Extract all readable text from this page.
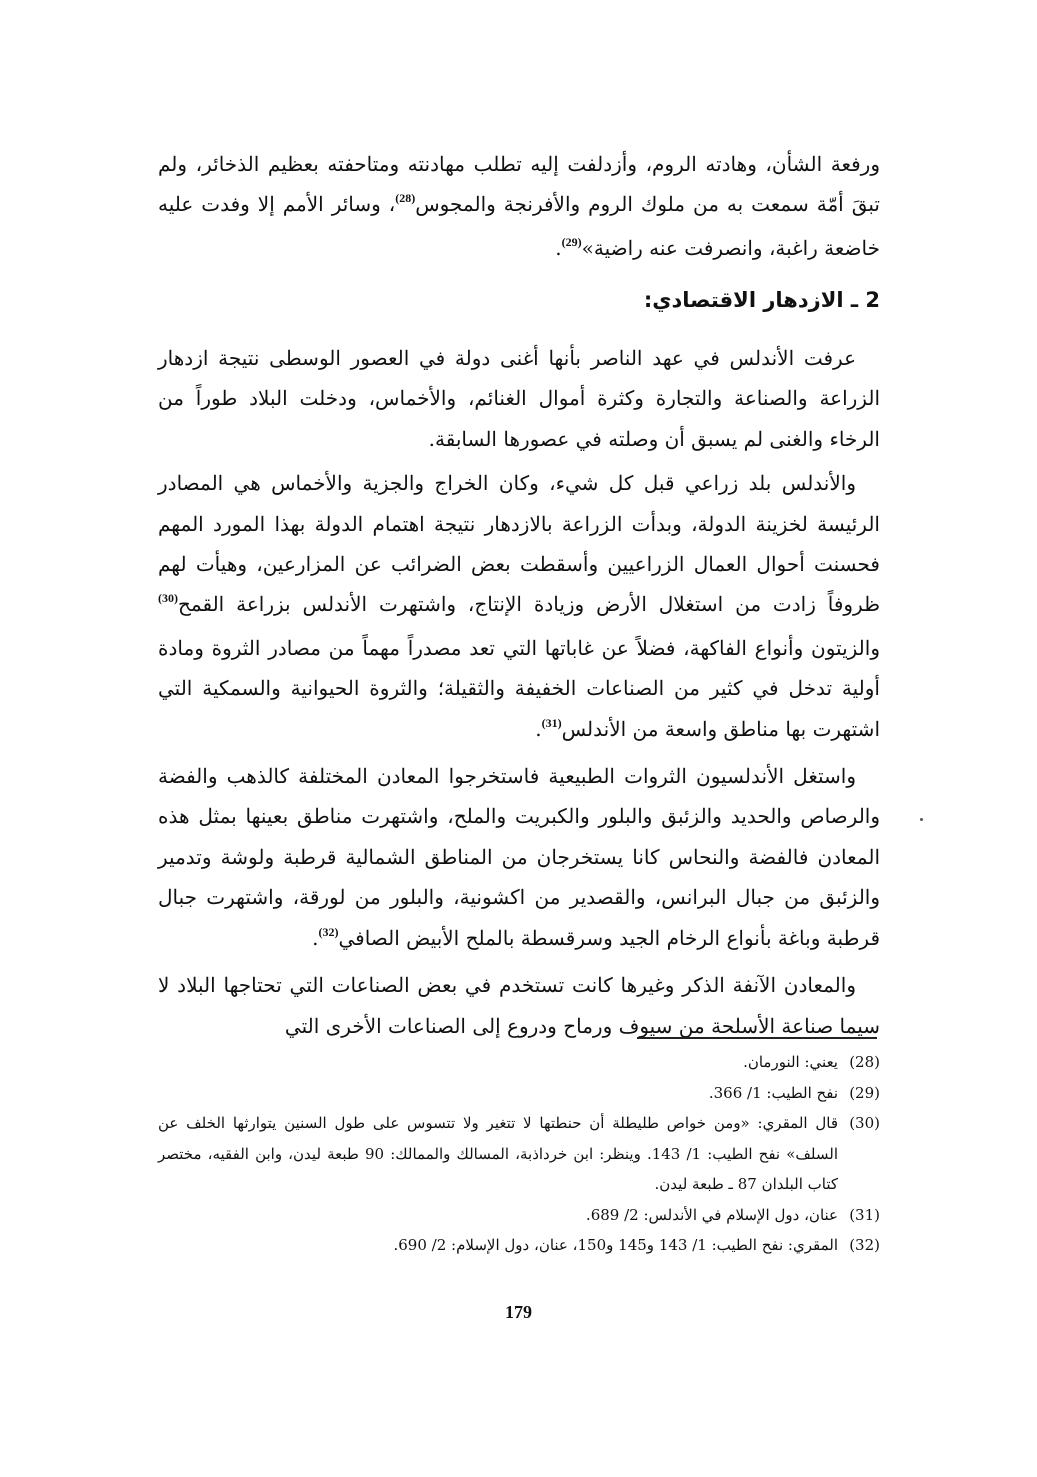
ورفعة الشأن، وهادته الروم، وأزدلفت إليه تطلب مهادنته ومتاحفته بعظيم الذخائر، ولم تبقَ أمّة سمعت به من ملوك الروم والأفرنجة والمجوس$^{(28)}$، وسائر الأمم إلا وفدت عليه خاضعة راغبة، وانصرفت عنه راضية»$^{(29)}$.

2 ـ الازدهار الاقتصادي:

عرفت الأندلس في عهد الناصر بأنها أغنى دولة في العصور الوسطى نتيجة ازدهار الزراعة والصناعة والتجارة وكثرة أموال الغنائم، والأخماس، ودخلت البلاد طوراً من الرخاء والغنى لم يسبق أن وصلته في عصورها السابقة.

والأندلس بلد زراعي قبل كل شيء، وكان الخراج والجزية والأخماس هي المصادر الرئيسة لخزينة الدولة، وبدأت الزراعة بالازدهار نتيجة اهتمام الدولة بهذا المورد المهم فحسنت أحوال العمال الزراعيين وأسقطت بعض الضرائب عن المزارعين، وهيأت لهم ظروفاً زادت من استغلال الأرض وزيادة الإنتاج، واشتهرت الأندلس بزراعة القمح$^{(30)}$ والزيتون وأنواع الفاكهة، فضلاً عن غاباتها التي تعد مصدراً مهماً من مصادر الثروة ومادة أولية تدخل في كثير من الصناعات الخفيفة والثقيلة؛ والثروة الحيوانية والسمكية التي اشتهرت بها مناطق واسعة من الأندلس$^{(31)}$.

واستغل الأندلسيون الثروات الطبيعية فاستخرجوا المعادن المختلفة كالذهب والفضة والرصاص والحديد والزئبق والبلور والكبريت والملح، واشتهرت مناطق بعينها بمثل هذه المعادن فالفضة والنحاس كانا يستخرجان من المناطق الشمالية قرطبة ولوشة وتدمير والزئبق من جبال البرانس، والقصدير من اكشونية، والبلور من لورقة، واشتهرت جبال قرطبة وباغة بأنواع الرخام الجيد وسرقسطة بالملح الأبيض الصافي$^{(32)}$.

والمعادن الآنفة الذكر وغيرها كانت تستخدم في بعض الصناعات التي تحتاجها البلاد لا سيما صناعة الأسلحة من سيوف ورماح ودروع إلى الصناعات الأخرى التي

(28)
يعني: النورمان.
(29)
نفح الطيب: 1/ 366.
(30)
قال المقري: «ومن خواص طليطلة أن حنطتها لا تتغير ولا تتسوس على طول السنين يتوارثها الخلف عن السلف» نفح الطيب: 1/ 143. وينظر: ابن خرداذبة، المسالك والممالك: 90 طبعة ليدن، وابن الفقيه، مختصر كتاب البلدان 87 ـ طبعة ليدن.
(31)
عنان، دول الإسلام في الأندلس: 2/ 689.
(32)
المقري: نفح الطيب: 1/ 143 و145 و150، عنان، دول الإسلام: 2/ 690.
179
